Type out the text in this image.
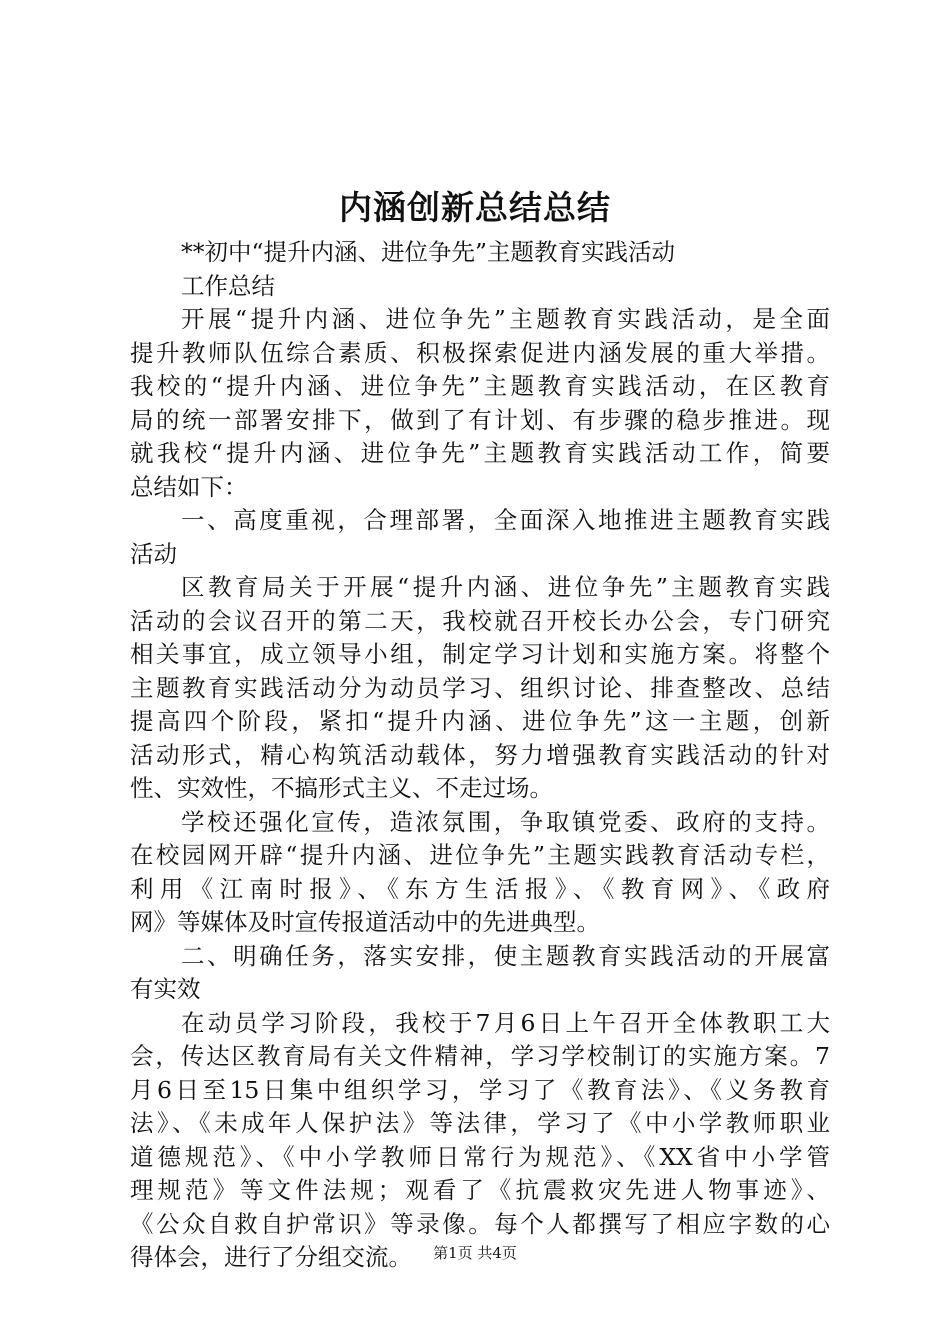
内涵创新总结总结
**初中“提升内涵、进位争先”主题教育实践活动
工作总结
开展“提升内涵、进位争先”主题教育实践活动，是全面
提升教师队伍综合素质、积极探索促进内涵发展的重大举措。
我校的“提升内涵、进位争先”主题教育实践活动，在区教育
局的统一部署安排下，做到了有计划、有步骤的稳步推进。现
就我校“提升内涵、进位争先”主题教育实践活动工作，简要
总结如下：
一、高度重视，合理部署，全面深入地推进主题教育实践
活动
区教育局关于开展“提升内涵、进位争先”主题教育实践
活动的会议召开的第二天，我校就召开校长办公会，专门研究
相关事宜，成立领导小组，制定学习计划和实施方案。将整个
主题教育实践活动分为动员学习、组织讨论、排查整改、总结
提高四个阶段，紧扣“提升内涵、进位争先”这一主题，创新
活动形式，精心构筑活动载体，努力增强教育实践活动的针对
性、实效性，不搞形式主义、不走过场。
学校还强化宣传，造浓氛围，争取镇党委、政府的支持。
在校园网开辟“提升内涵、进位争先”主题实践教育活动专栏，
利用《江南时报》、《东方生活报》、《教育网》、《政府
网》等媒体及时宣传报道活动中的先进典型。
二、明确任务，落实安排，使主题教育实践活动的开展富
有实效
在动员学习阶段，我校于7月6日上午召开全体教职工大
会，传达区教育局有关文件精神，学习学校制订的实施方案。7
月6日至15日集中组织学习，学习了《教育法》、《义务教育
法》、《未成年人保护法》等法律，学习了《中小学教师职业
道德规范》、《中小学教师日常行为规范》、《XX省中小学管
理规范》等文件法规；观看了《抗震救灾先进人物事迹》、
《公众自救自护常识》等录像。每个人都撰写了相应字数的心
得体会，进行了分组交流。	第1页 共4页
